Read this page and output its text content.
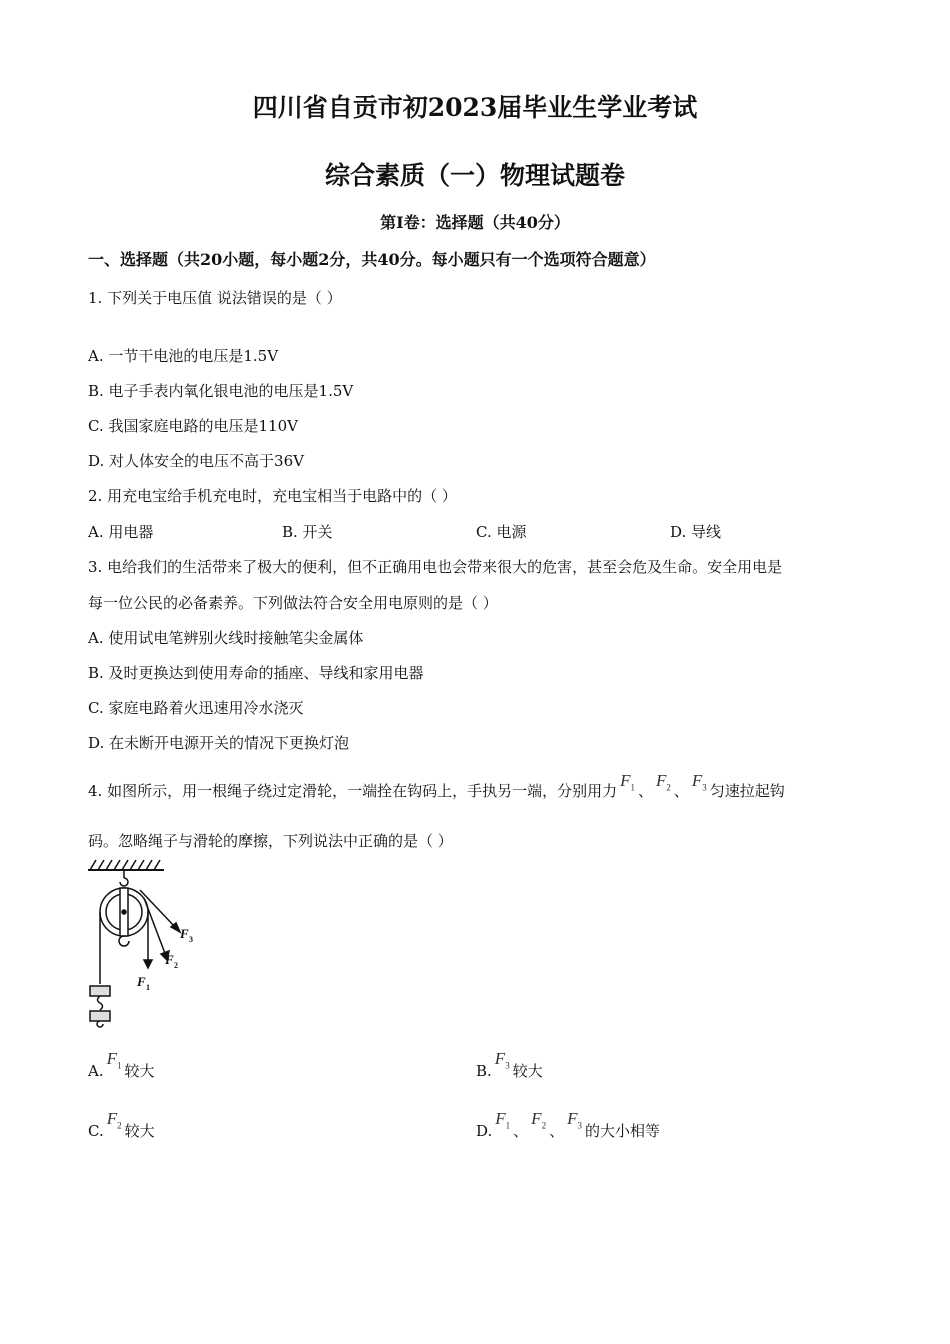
四川省自贡市初2023届毕业生学业考试
综合素质（一）物理试题卷
第I卷：选择题（共40分）
一、选择题（共20小题，每小题2分，共40分。每小题只有一个选项符合题意）
1. 下列关于电压值 说法错误的是（ ）
A. 一节干电池的电压是1.5V
B. 电子手表内氧化银电池的电压是1.5V
C. 我国家庭电路的电压是110V
D. 对人体安全的电压不高于36V
2. 用充电宝给手机充电时，充电宝相当于电路中的（ ）
A. 用电器	B. 开关	C. 电源	D. 导线
3. 电给我们的生活带来了极大的便利，但不正确用电也会带来很大的危害，甚至会危及生命。安全用电是
每一位公民的必备素养。下列做法符合安全用电原则的是（ ）
A. 使用试电笔辨别火线时接触笔尖金属体
B. 及时更换达到使用寿命的插座、导线和家用电器
C. 家庭电路着火迅速用冷水浇灭
D. 在未断开电源开关的情况下更换灯泡
4. 如图所示，用一根绳子绕过定滑轮，一端拴在钩码上，手执另一端，分别用力$F_1$ 、$F_2$ 、$F_3$ 匀速拉起钩
码。忽略绳子与滑轮的摩擦，下列说法中正确的是（ ）
F 3
F 2
F 1
$A.F_1$ 较大	$B.F_3$ 较大
$C.F_2$ 较大	$D.F_1$ 、$F_2$ 、$F_3$ 的大小相等
